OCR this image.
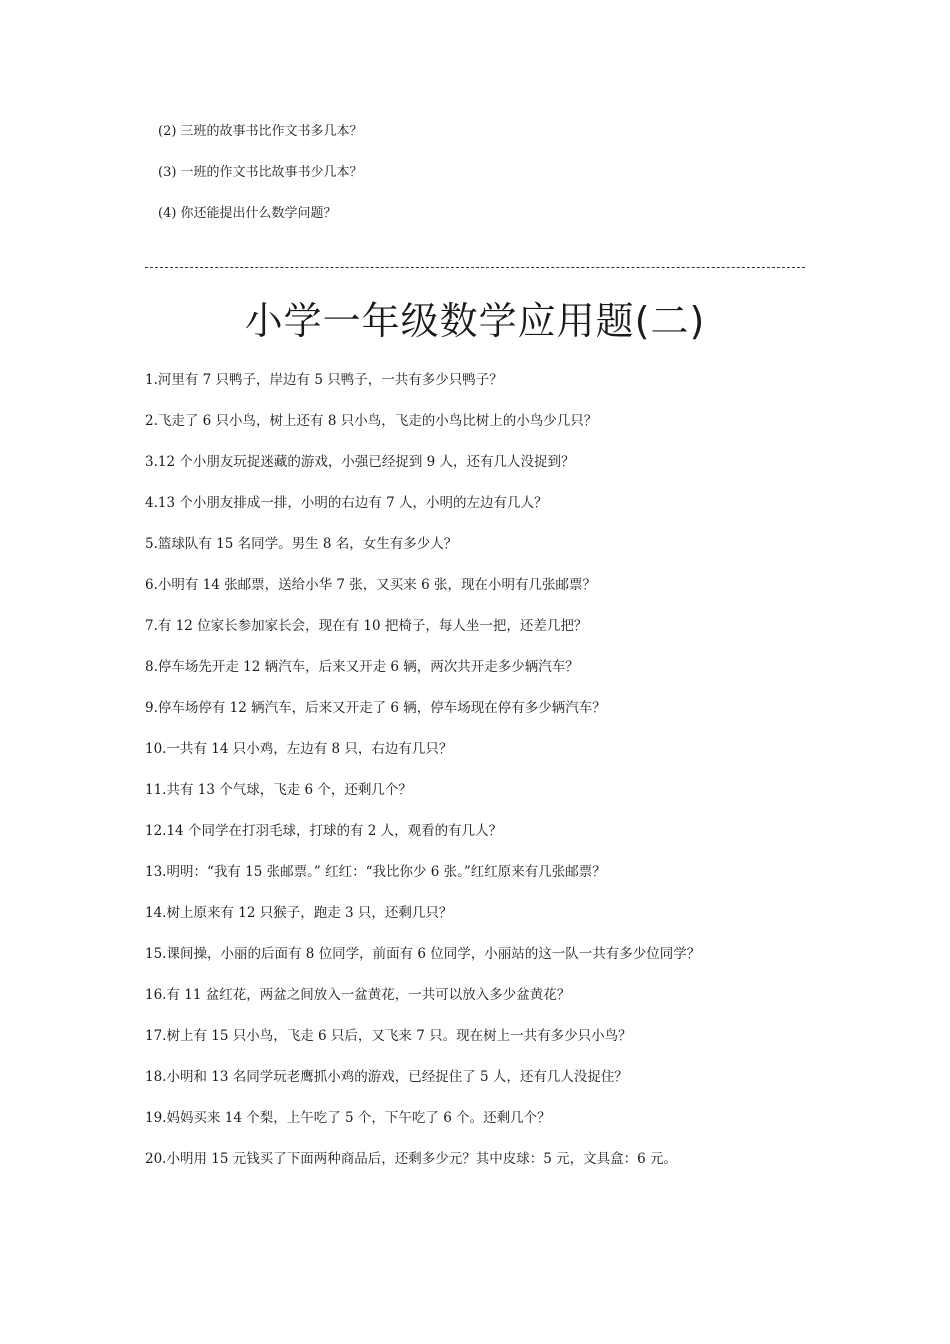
(2) 三班的故事书比作文书多几本？
(3) 一班的作文书比故事书少几本？
(4) 你还能提出什么数学问题？
小学一年级数学应用题(二)
1.河里有 7 只鸭子，岸边有 5 只鸭子，一共有多少只鸭子？
2.飞走了 6 只小鸟，树上还有 8 只小鸟，飞走的小鸟比树上的小鸟少几只？
3.12 个小朋友玩捉迷藏的游戏，小强已经捉到 9 人，还有几人没捉到？
4.13 个小朋友排成一排，小明的右边有 7 人，小明的左边有几人？
5.篮球队有 15 名同学。男生 8 名，女生有多少人？
6.小明有 14 张邮票，送给小华 7 张，又买来 6 张，现在小明有几张邮票？
7.有 12 位家长参加家长会，现在有 10 把椅子，每人坐一把，还差几把？
8.停车场先开走 12 辆汽车，后来又开走 6 辆，两次共开走多少辆汽车？
9.停车场停有 12 辆汽车，后来又开走了 6 辆，停车场现在停有多少辆汽车？
10.一共有 14 只小鸡，左边有 8 只，右边有几只？
11.共有 13 个气球，飞走 6 个，还剩几个？
12.14 个同学在打羽毛球，打球的有 2 人，观看的有几人？
13.明明：“我有 15 张邮票。” 红红：“我比你少 6 张。”红红原来有几张邮票？
14.树上原来有 12 只猴子，跑走 3 只，还剩几只？
15.课间操，小丽的后面有 8 位同学，前面有 6 位同学，小丽站的这一队一共有多少位同学？
16.有 11 盆红花，两盆之间放入一盆黄花，一共可以放入多少盆黄花？
17.树上有 15 只小鸟，飞走 6 只后，又飞来 7 只。现在树上一共有多少只小鸟？
18.小明和 13 名同学玩老鹰抓小鸡的游戏，已经捉住了 5 人，还有几人没捉住？
19.妈妈买来 14 个梨，上午吃了 5 个，下午吃了 6 个。还剩几个？
20.小明用 15 元钱买了下面两种商品后，还剩多少元？其中皮球：5 元，文具盒：6 元。
